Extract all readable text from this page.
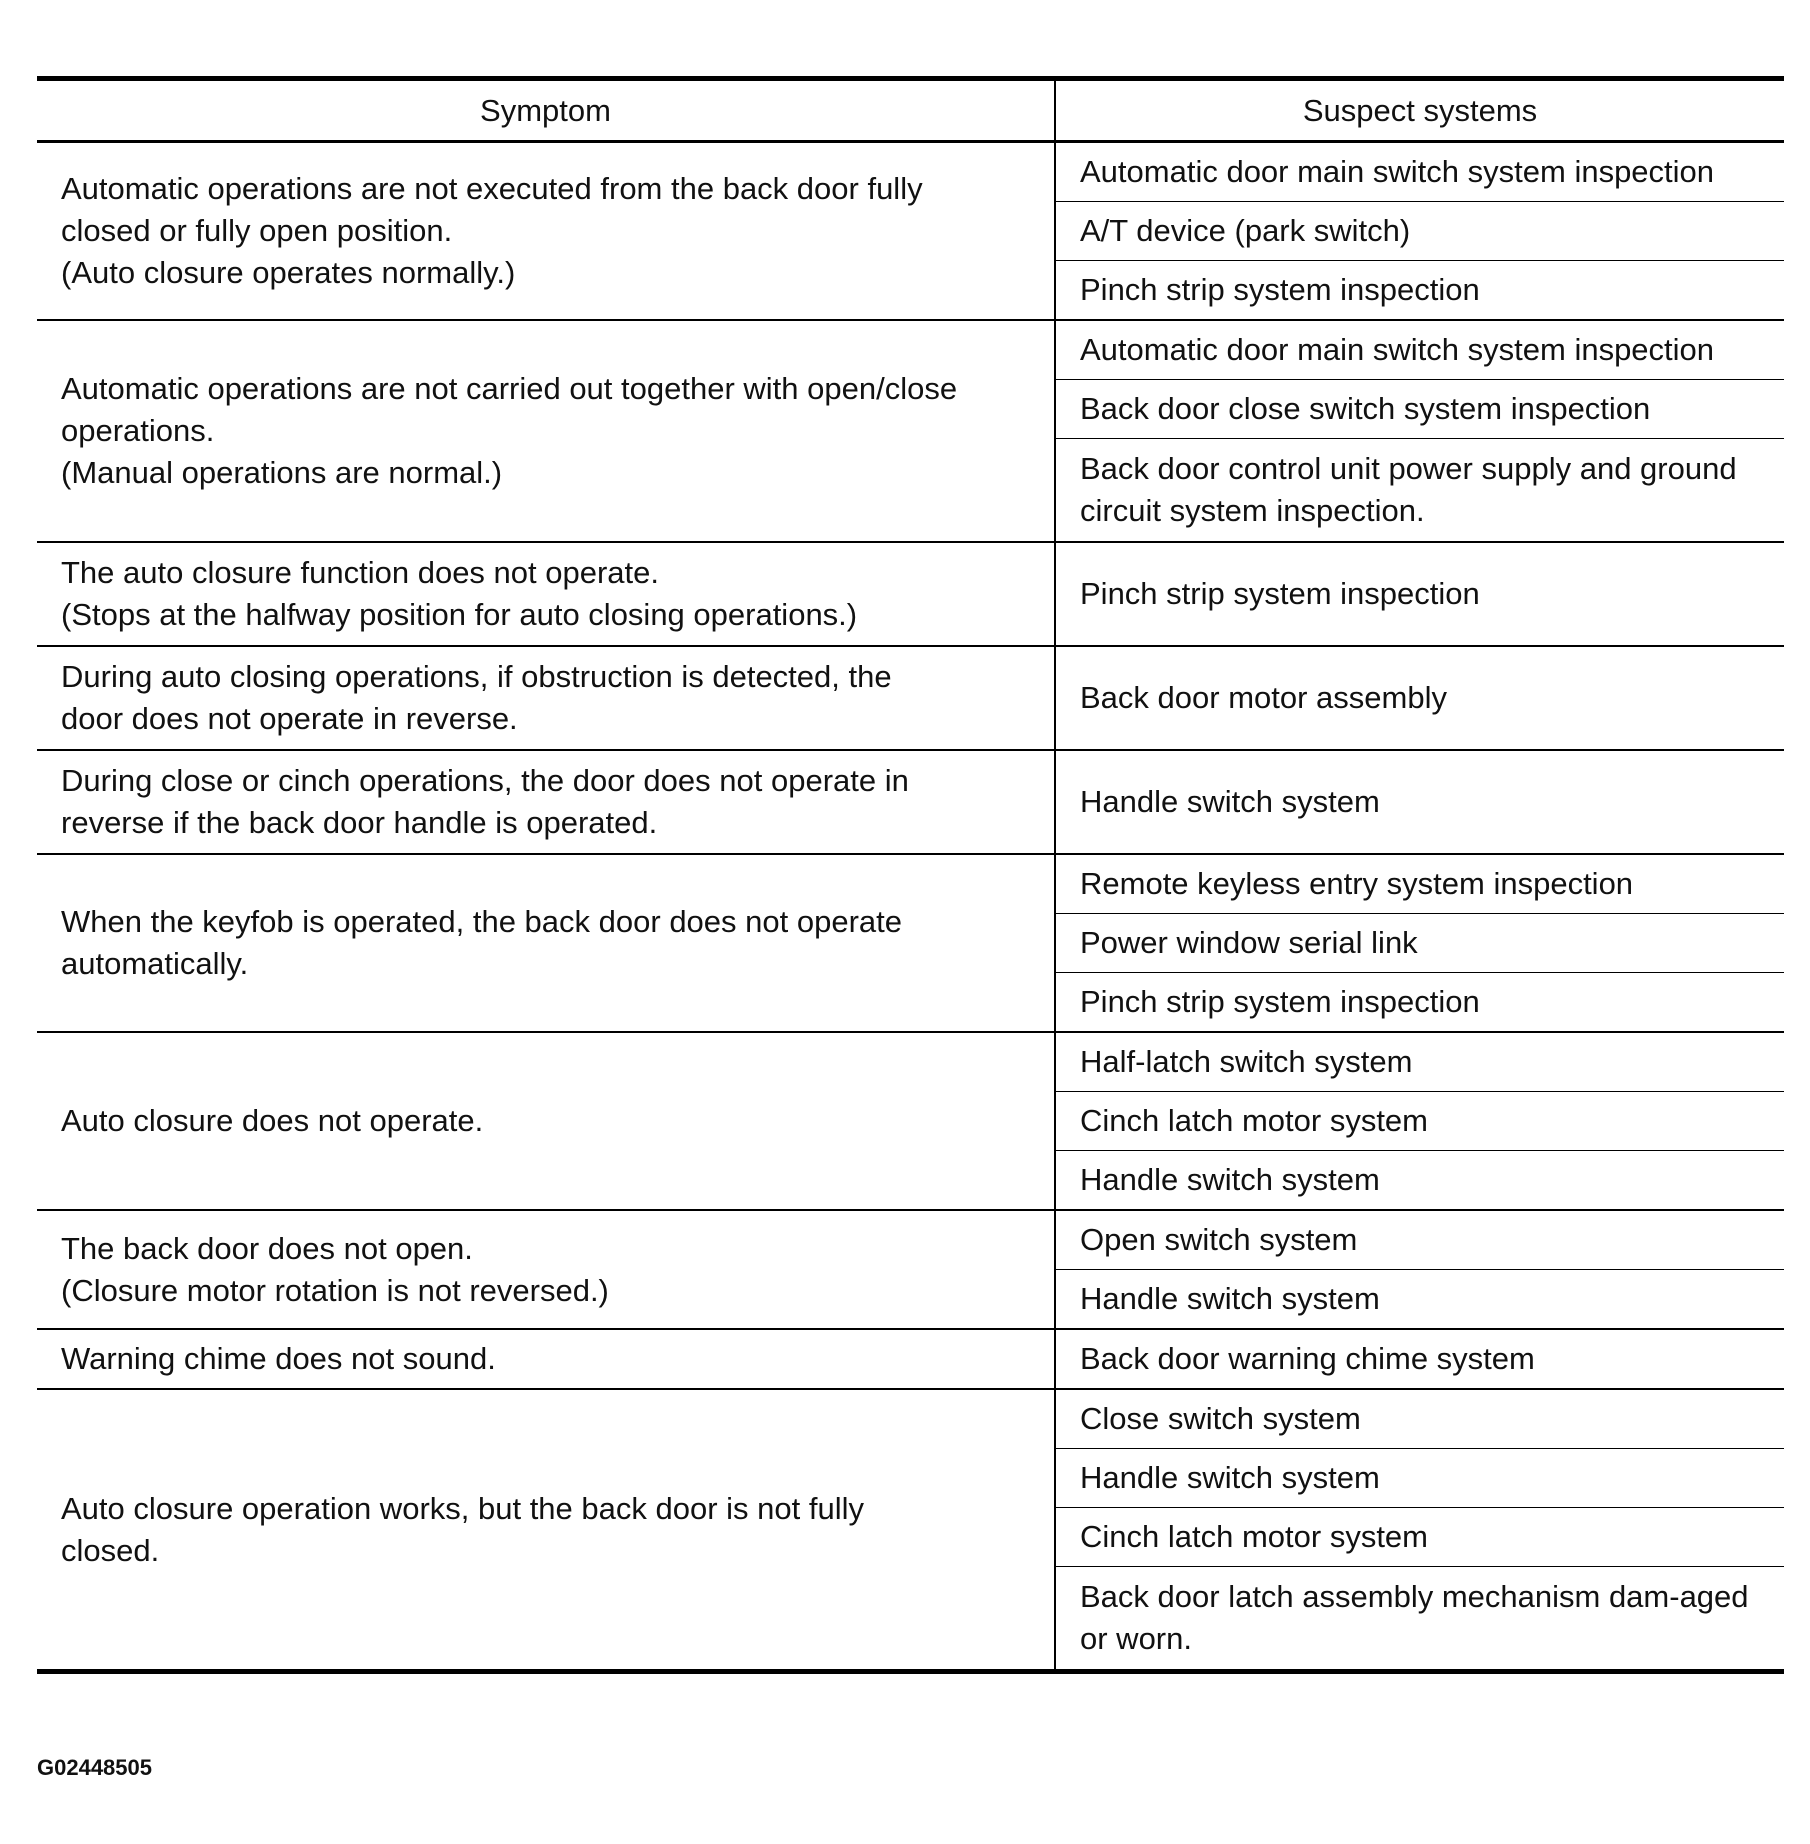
Symptom	Suspect systems

Automatic operations are not executed from the back door fully
closed or fully open position.
(Auto closure operates normally.)	Automatic door main switch system inspection
	A/T device (park switch)
	Pinch strip system inspection

Automatic operations are not carried out together with open/close
operations.
(Manual operations are normal.)	Automatic door main switch system inspection
	Back door close switch system inspection

	Back door control unit power supply and ground circuit system inspection.

The auto closure function does not operate.
(Stops at the halfway position for auto closing operations.)	Pinch strip system inspection

During auto closing operations, if obstruction is detected, the
door does not operate in reverse.	Back door motor assembly

During close or cinch operations, the door does not operate in
reverse if the back door handle is operated.	Handle switch system

When the keyfob is operated, the back door does not operate
automatically.	Remote keyless entry system inspection
	Power window serial link
	Pinch strip system inspection

Auto closure does not operate.	Half-latch switch system
	Cinch latch motor system
	Handle switch system

The back door does not open.
(Closure motor rotation is not reversed.)	Open switch system
	Handle switch system

Warning chime does not sound.	Back door warning chime system

Auto closure operation works, but the back door is not fully
closed.	Close switch system
	Handle switch system
	Cinch latch motor system

	Back door latch assembly mechanism dam-aged or worn.
G02448505
